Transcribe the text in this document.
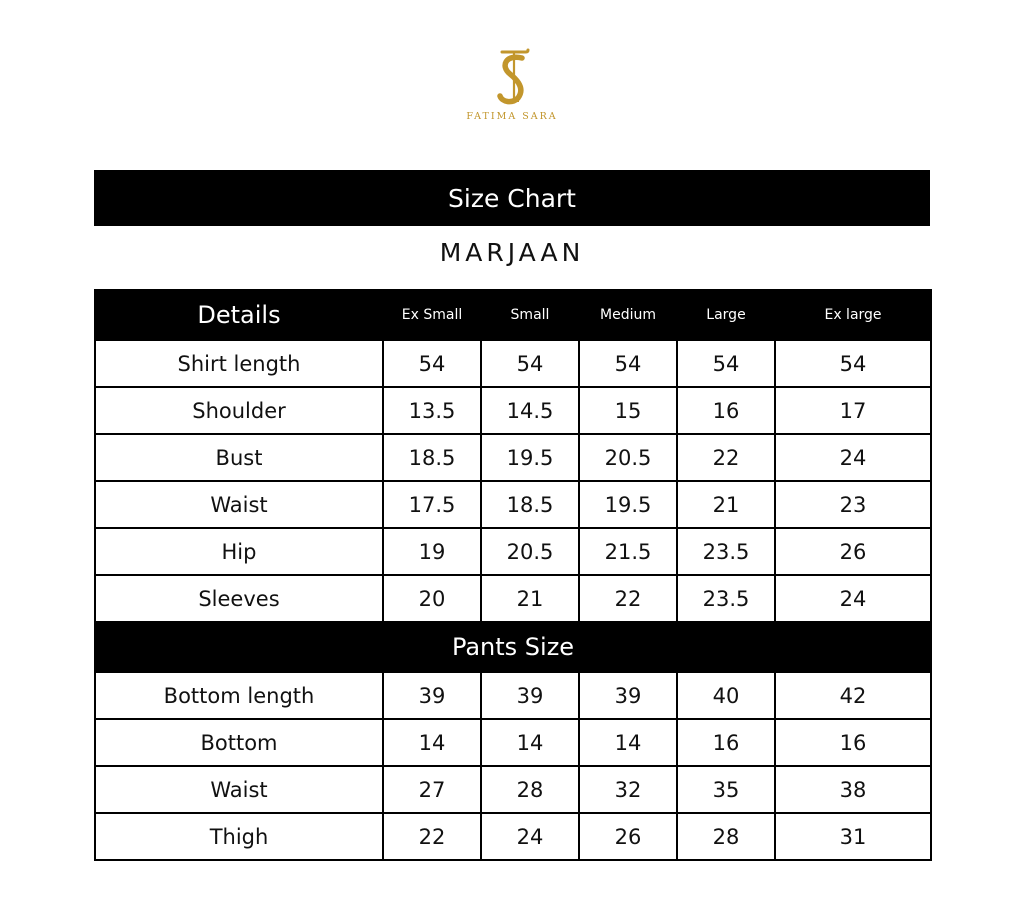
FATIMA SARA
Size Chart
MARJAAN
Details	Ex Small	Small	Medium	Large	Ex large
Shirt length	54	54	54	54	54
Shoulder	13.5	14.5	15	16	17
Bust	18.5	19.5	20.5	22	24
Waist	17.5	18.5	19.5	21	23
Hip	19	20.5	21.5	23.5	26
Sleeves	20	21	22	23.5	24
Pants Size					
Bottom length	39	39	39	40	42
Bottom	14	14	14	16	16
Waist	27	28	32	35	38
Thigh	22	24	26	28	31
